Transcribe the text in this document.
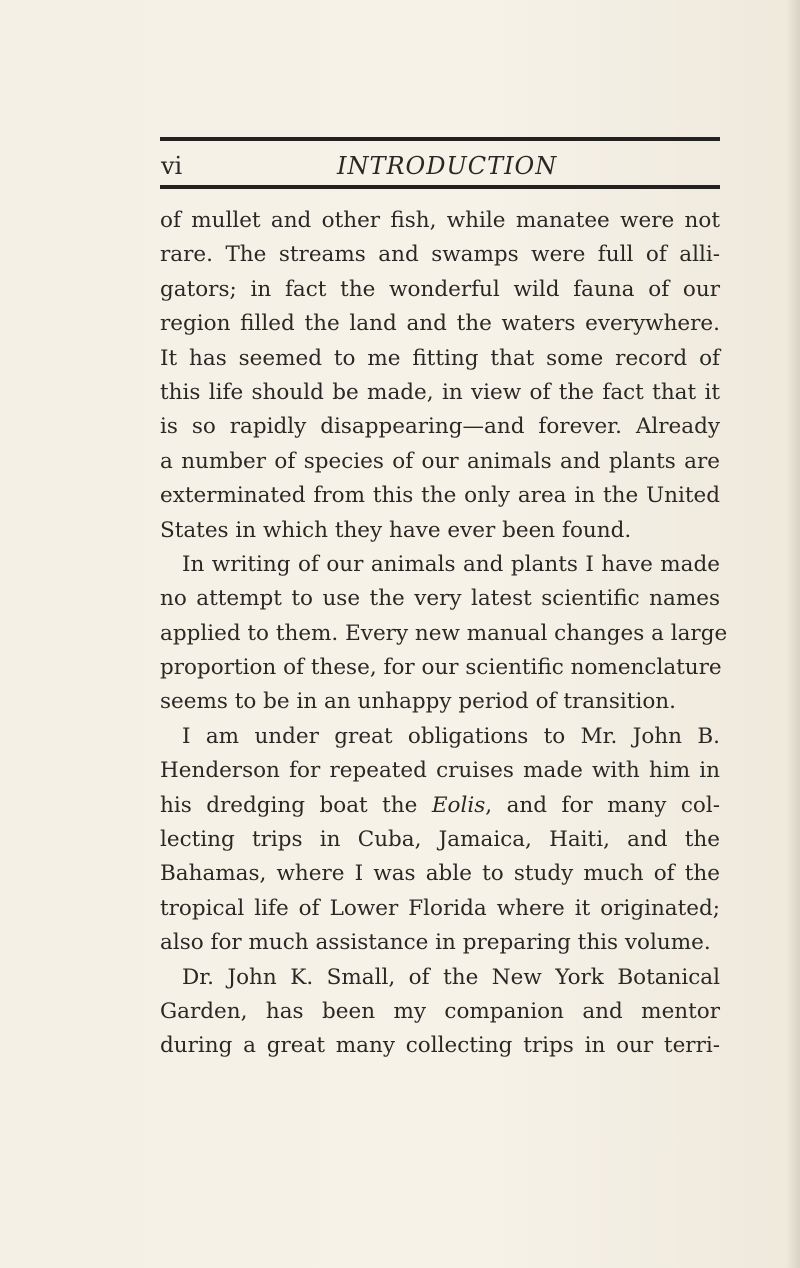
vi	INTRODUCTION
of mullet and other fish, while manatee were not
rare. The streams and swamps were full of alli-
gators; in fact the wonderful wild fauna of our
region filled the land and the waters everywhere.
It has seemed to me fitting that some record of
this life should be made, in view of the fact that it
is so rapidly disappearing—and forever. Already
a number of species of our animals and plants are
exterminated from this the only area in the United
States in which they have ever been found.
In writing of our animals and plants I have made
no attempt to use the very latest scientific names
applied to them. Every new manual changes a large
proportion of these, for our scientific nomenclature
seems to be in an unhappy period of transition.
I am under great obligations to Mr. John B.
Henderson for repeated cruises made with him in
his dredging boat the Eolis, and for many col-
lecting trips in Cuba, Jamaica, Haiti, and the
Bahamas, where I was able to study much of the
tropical life of Lower Florida where it originated;
also for much assistance in preparing this volume.
Dr. John K. Small, of the New York Botanical
Garden, has been my companion and mentor
during a great many collecting trips in our terri-
